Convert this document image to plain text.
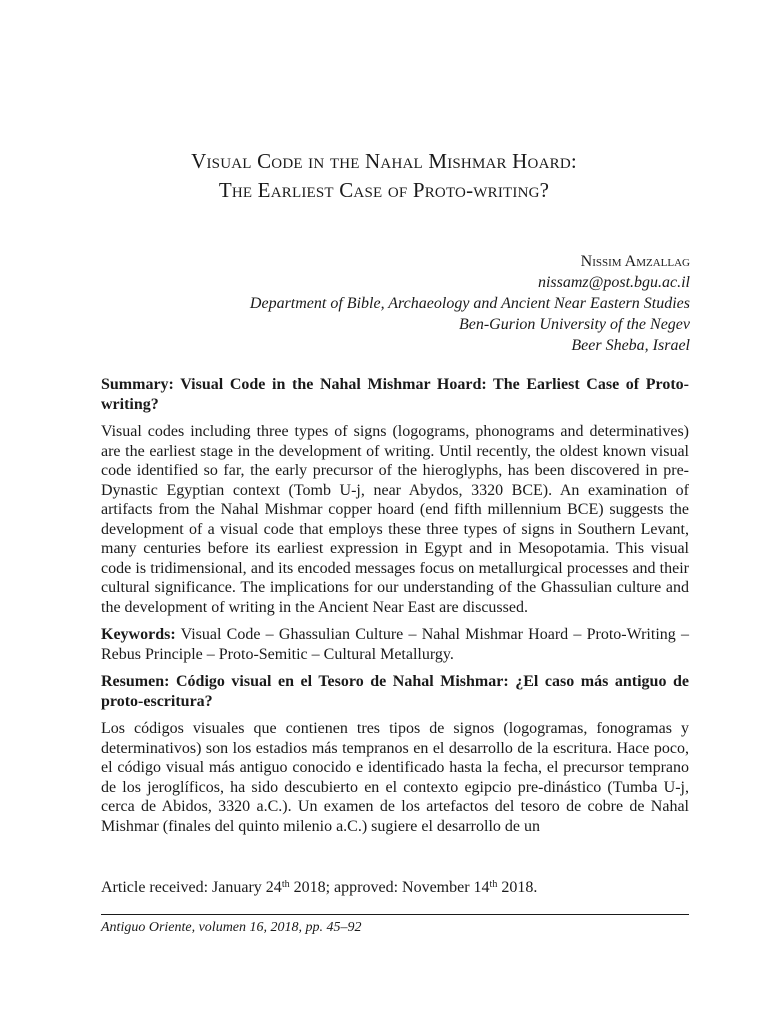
Visual Code in the Nahal Mishmar Hoard:
The Earliest Case of Proto-writing?
Nissim Amzallag
nissamz@post.bgu.ac.il
Department of Bible, Archaeology and Ancient Near Eastern Studies
Ben-Gurion University of the Negev
Beer Sheba, Israel

Summary: Visual Code in the Nahal Mishmar Hoard: The Earliest Case of Proto-writing?

Visual codes including three types of signs (logograms, phonograms and determinatives) are the earliest stage in the development of writing. Until recently, the oldest known visual code identified so far, the early precursor of the hieroglyphs, has been discovered in pre-Dynastic Egyptian context (Tomb U-j, near Abydos, 3320 BCE). An examination of artifacts from the Nahal Mishmar copper hoard (end fifth millennium BCE) suggests the development of a visual code that employs these three types of signs in Southern Levant, many centuries before its earliest expression in Egypt and in Mesopotamia. This visual code is tridimensional, and its encoded messages focus on metallurgical processes and their cultural significance. The implications for our understanding of the Ghassulian culture and the development of writing in the Ancient Near East are discussed.

Keywords: Visual Code – Ghassulian Culture – Nahal Mishmar Hoard – Proto-Writing – Rebus Principle – Proto-Semitic – Cultural Metallurgy.

Resumen: Código visual en el Tesoro de Nahal Mishmar: ¿El caso más antiguo de proto-escritura?

Los códigos visuales que contienen tres tipos de signos (logogramas, fonogramas y determinativos) son los estadios más tempranos en el desarrollo de la escritura. Hace poco, el código visual más antiguo conocido e identificado hasta la fecha, el precursor temprano de los jeroglíficos, ha sido descubierto en el contexto egipcio pre-dinástico (Tumba U-j, cerca de Abidos, 3320 a.C.). Un examen de los artefactos del tesoro de cobre de Nahal Mishmar (finales del quinto milenio a.C.) sugiere el desarrollo de un

Article received: January 24th 2018; approved: November 14th 2018.
Antiguo Oriente, volumen 16, 2018, pp. 45–92
